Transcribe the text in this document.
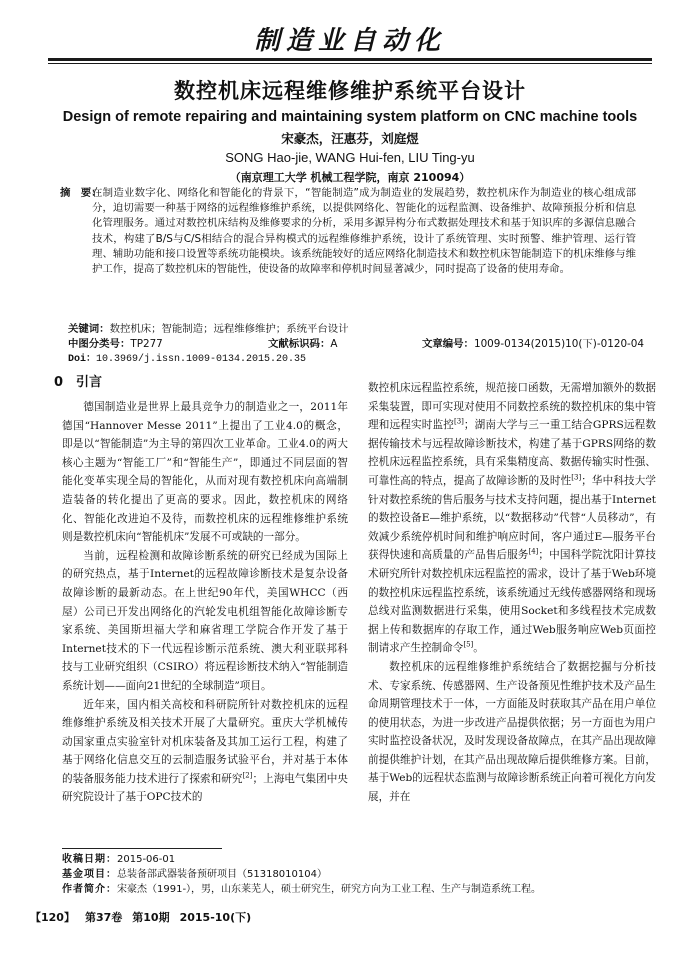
制造业自动化
数控机床远程维修维护系统平台设计
Design of remote repairing and maintaining system platform on CNC machine tools
宋豪杰，汪惠芬，刘庭煜
SONG Hao-jie, WANG Hui-fen, LIU Ting-yu
（南京理工大学 机械工程学院，南京 210094）
摘　要：
在制造业数字化、网络化和智能化的背景下，“智能制造”成为制造业的发展趋势，数控机床作为制造业的核心组成部分，迫切需要一种基于网络的远程维修维护系统，以提供网络化、智能化的远程监测、设备维护、故障预报分析和信息化管理服务。通过对数控机床结构及维修要求的分析，采用多源异构分布式数据处理技术和基于知识库的多源信息融合技术，构建了B/S与C/S相结合的混合异构模式的远程维修维护系统，设计了系统管理、实时预警、维护管理、运行管理、辅助功能和接口设置等系统功能模块。该系统能较好的适应网络化制造技术和数控机床智能制造下的机床维修与维护工作，提高了数控机床的智能性，使设备的故障率和停机时间显著减少，同时提高了设备的使用寿命。
关键词：数控机床；智能制造；远程维修维护；系统平台设计
中图分类号： TP277	文献标识码： A	文章编号： 1009-0134(2015)10(下)-0120-04
Doi：10.3969/j.issn.1009-0134.2015.20.35
0　引言

德国制造业是世界上最具竞争力的制造业之一，2011年德国“Hannover Messe 2011”上提出了工业4.0的概念，即是以“智能制造”为主导的第四次工业革命。工业4.0的两大核心主题为“智能工厂”和“智能生产”，即通过不同层面的智能化变革实现全局的智能化，从而对现有数控机床向高端制造装备的转化提出了更高的要求。因此，数控机床的网络化、智能化改进迫不及待，而数控机床的远程维修维护系统则是数控机床向“智能机床”发展不可或缺的一部分。

当前，远程检测和故障诊断系统的研究已经成为国际上的研究热点，基于Internet的远程故障诊断技术是复杂设备故障诊断的最新动态。在上世纪90年代，美国WHCC（西屋）公司已开发出网络化的汽轮发电机组智能化故障诊断专家系统、美国斯坦福大学和麻省理工学院合作开发了基于Internet技术的下一代远程诊断示范系统、澳大利亚联邦科技与工业研究组织（CSIRO）将远程诊断技术纳入“智能制造系统计划——面向21世纪的全球制造”项目。

近年来，国内相关高校和科研院所针对数控机床的远程维修维护系统及相关技术开展了大量研究。重庆大学机械传动国家重点实验室针对机床装备及其加工运行工程，构建了基于网络化信息交互的云制造服务试验平台，并对基于本体的装备服务能力技术进行了探索和研究[2]；上海电气集团中央研究院设计了基于OPC技术的

数控机床远程监控系统，规范接口函数，无需增加额外的数据采集装置，即可实现对使用不同数控系统的数控机床的集中管理和远程实时监控[3]；湖南大学与三一重工结合GPRS远程数据传输技术与远程故障诊断技术，构建了基于GPRS网络的数控机床远程监控系统，具有采集精度高、数据传输实时性强、可靠性高的特点，提高了故障诊断的及时性[3]；华中科技大学针对数控系统的售后服务与技术支持问题，提出基于Internet的数控设备E—维护系统，以“数据移动”代替“人员移动”，有效减少系统停机时间和维护响应时间，客户通过E—服务平台获得快速和高质量的产品售后服务[4]；中国科学院沈阳计算技术研究所针对数控机床远程监控的需求，设计了基于Web环境的数控机床远程监控系统，该系统通过无线传感器网络和现场总线对监测数据进行采集，使用Socket和多线程技术完成数据上传和数据库的存取工作，通过Web服务响应Web页面控制请求产生控制命令[5]。

数控机床的远程维修维护系统结合了数据挖掘与分析技术、专家系统、传感器网、生产设备预见性维护技术及产品生命周期管理技术于一体，一方面能及时获取其产品在用户单位的使用状态，为进一步改进产品提供依据；另一方面也为用户实时监控设备状况，及时发现设备故障点，在其产品出现故障前提供维护计划，在其产品出现故障后提供维修方案。目前，基于Web的远程状态监测与故障诊断系统正向着可视化方向发展，并在

收稿日期：2015-06-01
基金项目：总装备部武器装备预研项目（51318010104）
作者简介：宋豪杰（1991-），男，山东莱芜人，硕士研究生，研究方向为工业工程、生产与制造系统工程。
【120】 第37卷 第10期 2015-10(下)
